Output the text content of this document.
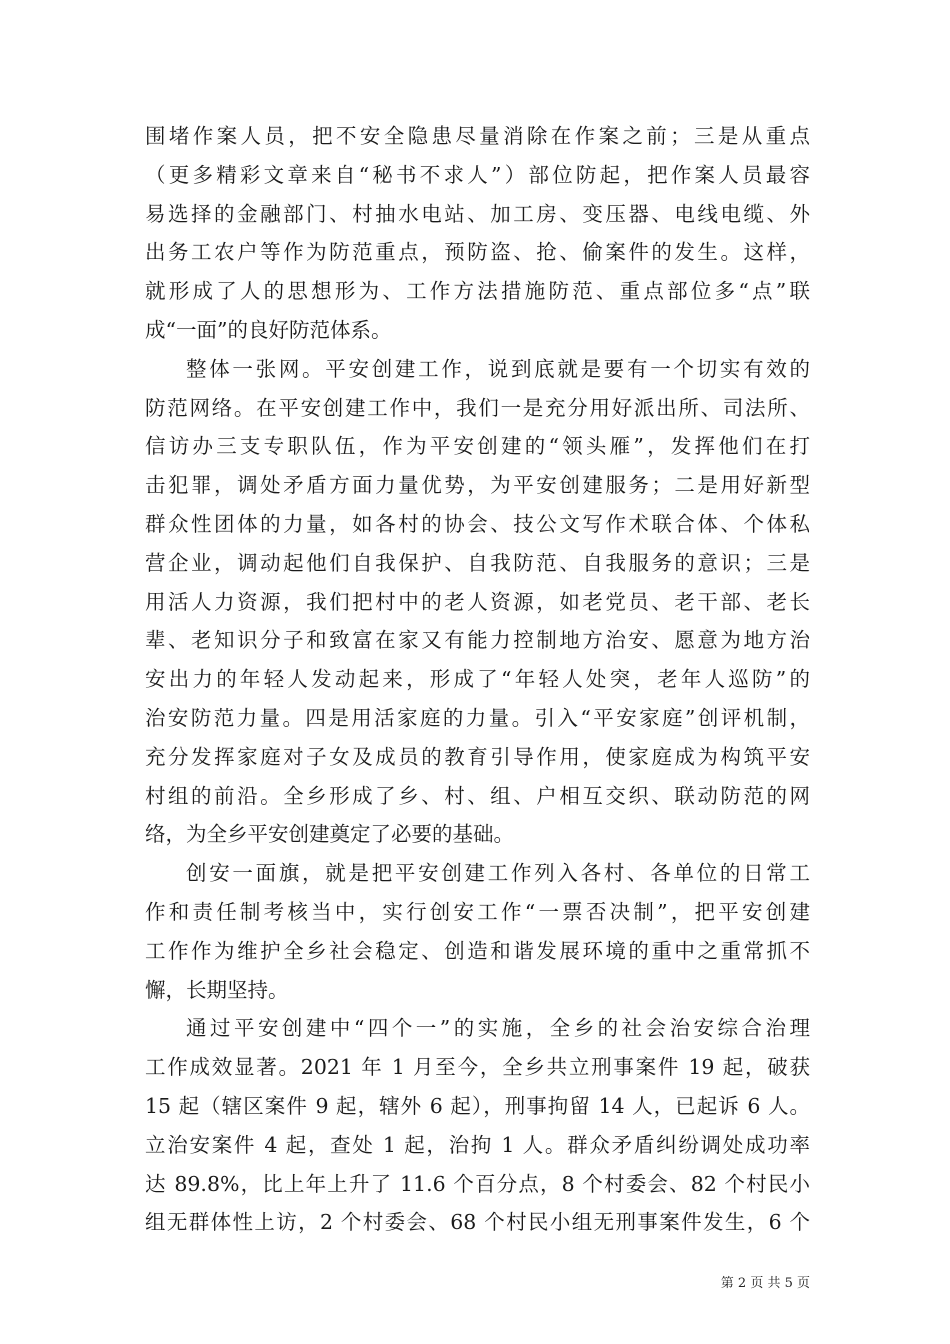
围堵作案人员，把不安全隐患尽量消除在作案之前；三是从重点
（更多精彩文章来自“秘书不求人”）部位防起，把作案人员最容
易选择的金融部门、村抽水电站、加工房、变压器、电线电缆、外
出务工农户等作为防范重点，预防盗、抢、偷案件的发生。这样，
就形成了人的思想形为、工作方法措施防范、重点部位多“点”联
成“一面”的良好防范体系。
整体一张网。平安创建工作，说到底就是要有一个切实有效的
防范网络。在平安创建工作中，我们一是充分用好派出所、司法所、
信访办三支专职队伍，作为平安创建的“领头雁”，发挥他们在打
击犯罪，调处矛盾方面力量优势，为平安创建服务；二是用好新型
群众性团体的力量，如各村的协会、技公文写作术联合体、个体私
营企业，调动起他们自我保护、自我防范、自我服务的意识；三是
用活人力资源，我们把村中的老人资源，如老党员、老干部、老长
辈、老知识分子和致富在家又有能力控制地方治安、愿意为地方治
安出力的年轻人发动起来，形成了“年轻人处突，老年人巡防”的
治安防范力量。四是用活家庭的力量。引入“平安家庭”创评机制，
充分发挥家庭对子女及成员的教育引导作用，使家庭成为构筑平安
村组的前沿。全乡形成了乡、村、组、户相互交织、联动防范的网
络，为全乡平安创建奠定了必要的基础。
创安一面旗，就是把平安创建工作列入各村、各单位的日常工
作和责任制考核当中，实行创安工作“一票否决制”，把平安创建
工作作为维护全乡社会稳定、创造和谐发展环境的重中之重常抓不
懈，长期坚持。
通过平安创建中“四个一”的实施，全乡的社会治安综合治理
工作成效显著。2021 年 1 月至今，全乡共立刑事案件 19 起，破获
15 起（辖区案件 9 起，辖外 6 起），刑事拘留 14 人，已起诉 6 人。
立治安案件 4 起，查处 1 起，治拘 1 人。群众矛盾纠纷调处成功率
达 89.8%，比上年上升了 11.6 个百分点，8 个村委会、82 个村民小
组无群体性上访，2 个村委会、68 个村民小组无刑事案件发生，6 个
第 2 页 共 5 页
